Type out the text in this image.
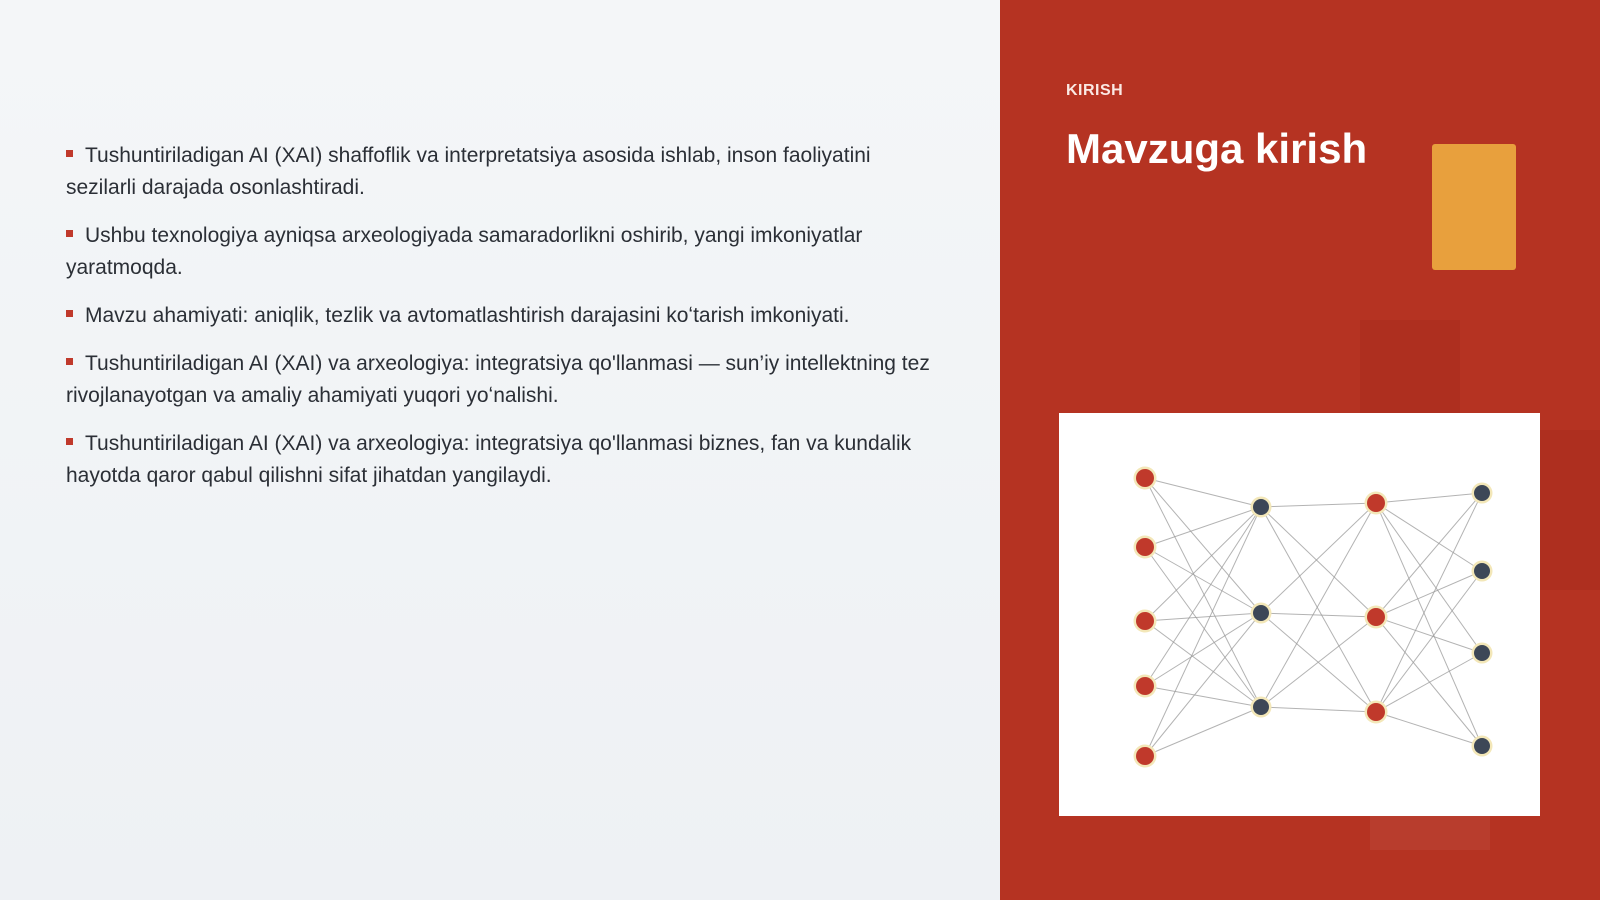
Tushuntiriladigan AI (XAI) shaffoflik va interpretatsiya asosida ishlab, inson faoliyatini sezilarli darajada osonlashtiradi.
Ushbu texnologiya ayniqsa arxeologiyada samaradorlikni oshirib, yangi imkoniyatlar yaratmoqda.
Mavzu ahamiyati: aniqlik, tezlik va avtomatlashtirish darajasini koʻtarish imkoniyati.
Tushuntiriladigan AI (XAI) va arxeologiya: integratsiya qo'llanmasi — sun’iy intellektning tez rivojlanayotgan va amaliy ahamiyati yuqori yoʻnalishi.
Tushuntiriladigan AI (XAI) va arxeologiya: integratsiya qo'llanmasi biznes, fan va kundalik hayotda qaror qabul qilishni sifat jihatdan yangilaydi.
KIRISH
Mavzuga kirish
